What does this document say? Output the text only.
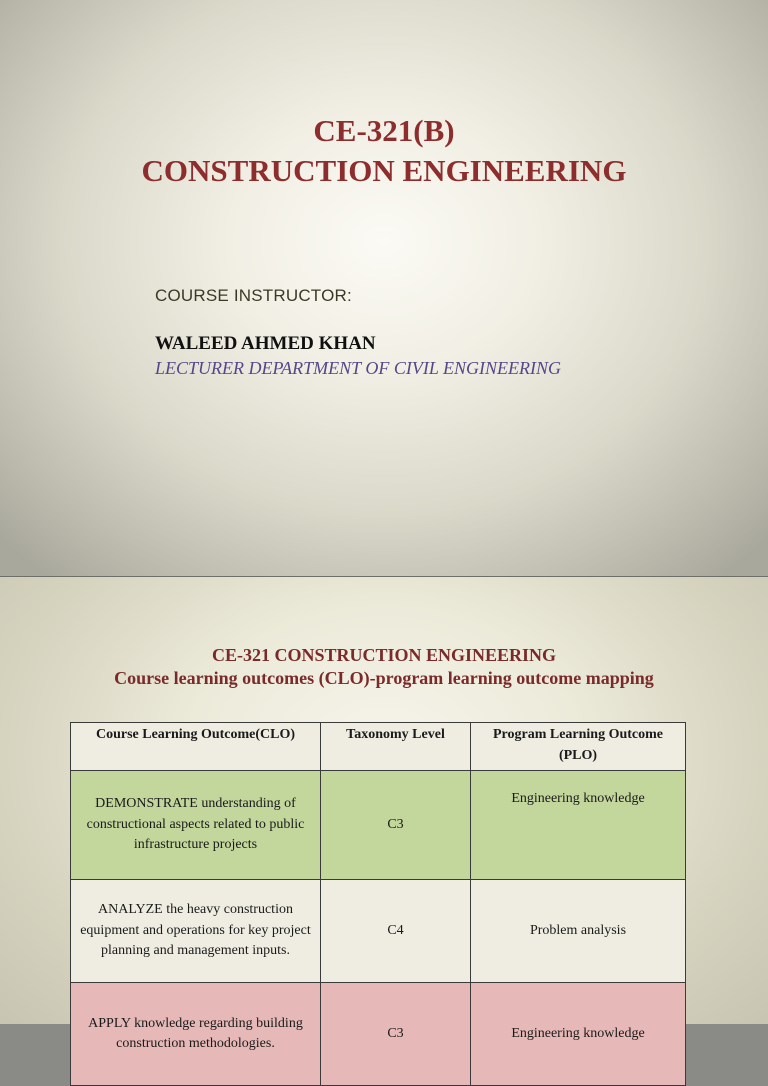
CE-321(B)
CONSTRUCTION ENGINEERING
COURSE INSTRUCTOR:
WALEED AHMED KHAN
LECTURER DEPARTMENT OF CIVIL ENGINEERING
CE-321 CONSTRUCTION ENGINEERING
Course learning outcomes (CLO)-program learning outcome mapping
Course Learning Outcome(CLO)	Taxonomy Level	Program Learning Outcome (PLO)
DEMONSTRATE understanding of constructional aspects related to public infrastructure projects	C3	Engineering knowledge
ANALYZE the heavy construction equipment and operations for key project planning and management inputs.	C4	Problem analysis
APPLY knowledge regarding building construction methodologies.	C3	Engineering knowledge
